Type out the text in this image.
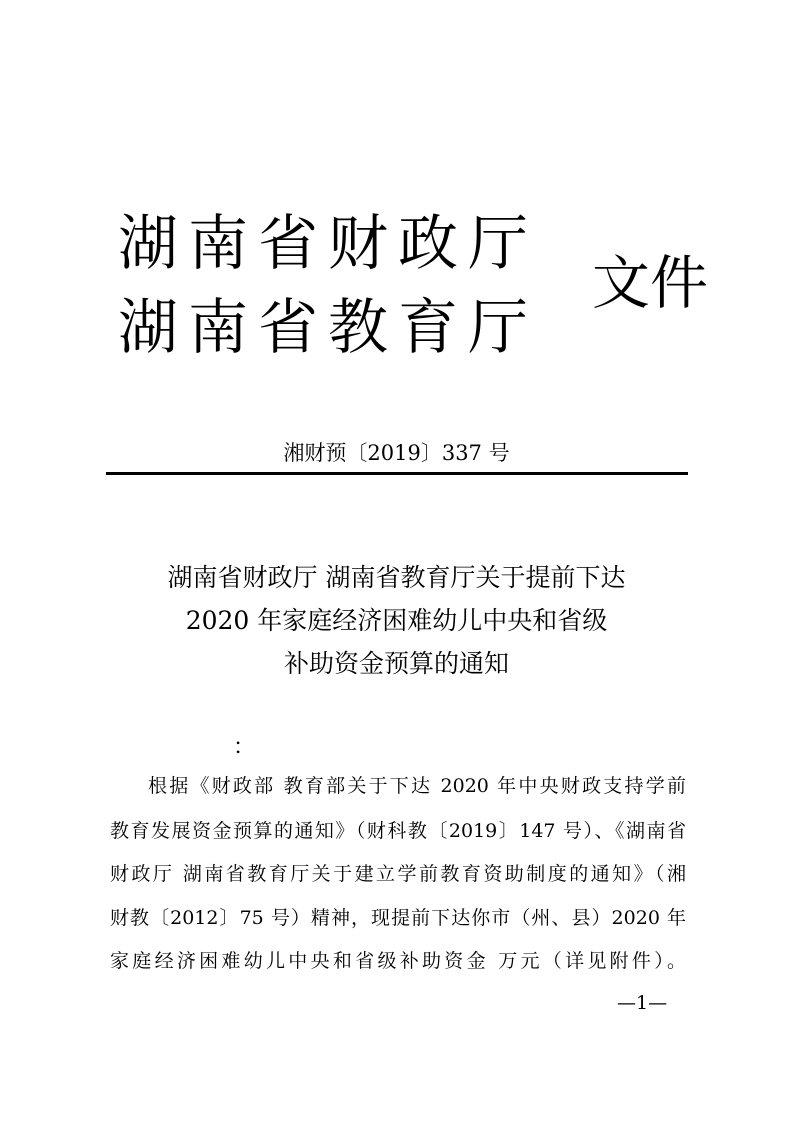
湖南省财政厅
湖南省教育厅
文件
湘财预〔2019〕337 号
湖南省财政厅 湖南省教育厅关于提前下达
2020 年家庭经济困难幼儿中央和省级
补助资金预算的通知
：
根据《财政部 教育部关于下达 2020 年中央财政支持学前
教育发展资金预算的通知》（财科教〔2019〕147 号）、《湖南省
财政厅 湖南省教育厅关于建立学前教育资助制度的通知》（湘
财教〔2012〕75 号）精神，现提前下达你市（州、县）2020 年
家庭经济困难幼儿中央和省级补助资金 万元（详见附件）。
—1—
